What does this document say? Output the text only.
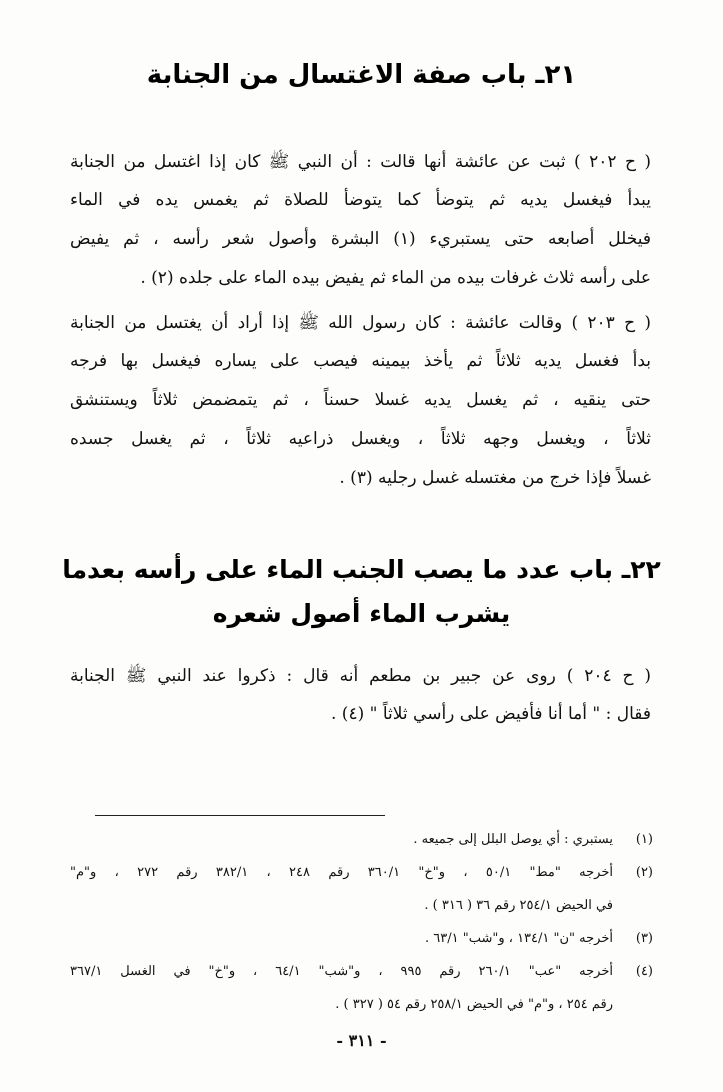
٢١ـ باب صفة الاغتسال من الجنابة
( ح ٢٠٢ ) ثبت عن عائشة أنها قالت : أن النبي ﷺ كان إذا اغتسل من الجنابة
يبدأ فيغسل يديه ثم يتوضأ كما يتوضأ للصلاة ثم يغمس يده في الماء
فيخلل أصابعه حتى يستبريء (١) البشرة وأصول شعر رأسه ، ثم يفيض
على رأسه ثلاث غرفات بيده من الماء ثم يفيض بيده الماء على جلده (٢) .
( ح ٢٠٣ ) وقالت عائشة : كان رسول الله ﷺ إذا أراد أن يغتسل من الجنابة
بدأ فغسل يديه ثلاثاً ثم يأخذ بيمينه فيصب على يساره فيغسل بها فرجه
حتى ينقيه ، ثم يغسل يديه غسلا حسناً ، ثم يتمضمض ثلاثاً ويستنشق
ثلاثاً ، ويغسل وجهه ثلاثاً ، ويغسل ذراعيه ثلاثاً ، ثم يغسل جسده
غسلاً فإذا خرج من مغتسله غسل رجليه (٣) .
٢٢ـ باب عدد ما يصب الجنب الماء على رأسه بعدما
يشرب الماء أصول شعره
( ح ٢٠٤ ) روى عن جبير بن مطعم أنه قال : ذكروا عند النبي ﷺ الجنابة
فقال : " أما أنا فأفيض على رأسي ثلاثاً " (٤) .
(١)
يستبري : أي يوصل البلل إلى جميعه .
(٢)
أخرجه "مط" ٥٠/١ ، و"خ" ٣٦٠/١ رقم ٢٤٨ ، ٣٨٢/١ رقم ٢٧٢ ، و"م"
في الحيض ٢٥٤/١ رقم ٣٦ ( ٣١٦ ) .
(٣)
أخرجه "ن" ١٣٤/١ ، و"شب" ٦٣/١ .
(٤)
أخرجه "عب" ٢٦٠/١ رقم ٩٩٥ ، و"شب" ٦٤/١ ، و"خ" في الغسل ٣٦٧/١
رقم ٢٥٤ ، و"م" في الحيض ٢٥٨/١ رقم ٥٤ ( ٣٢٧ ) .
- ٣١١ -
